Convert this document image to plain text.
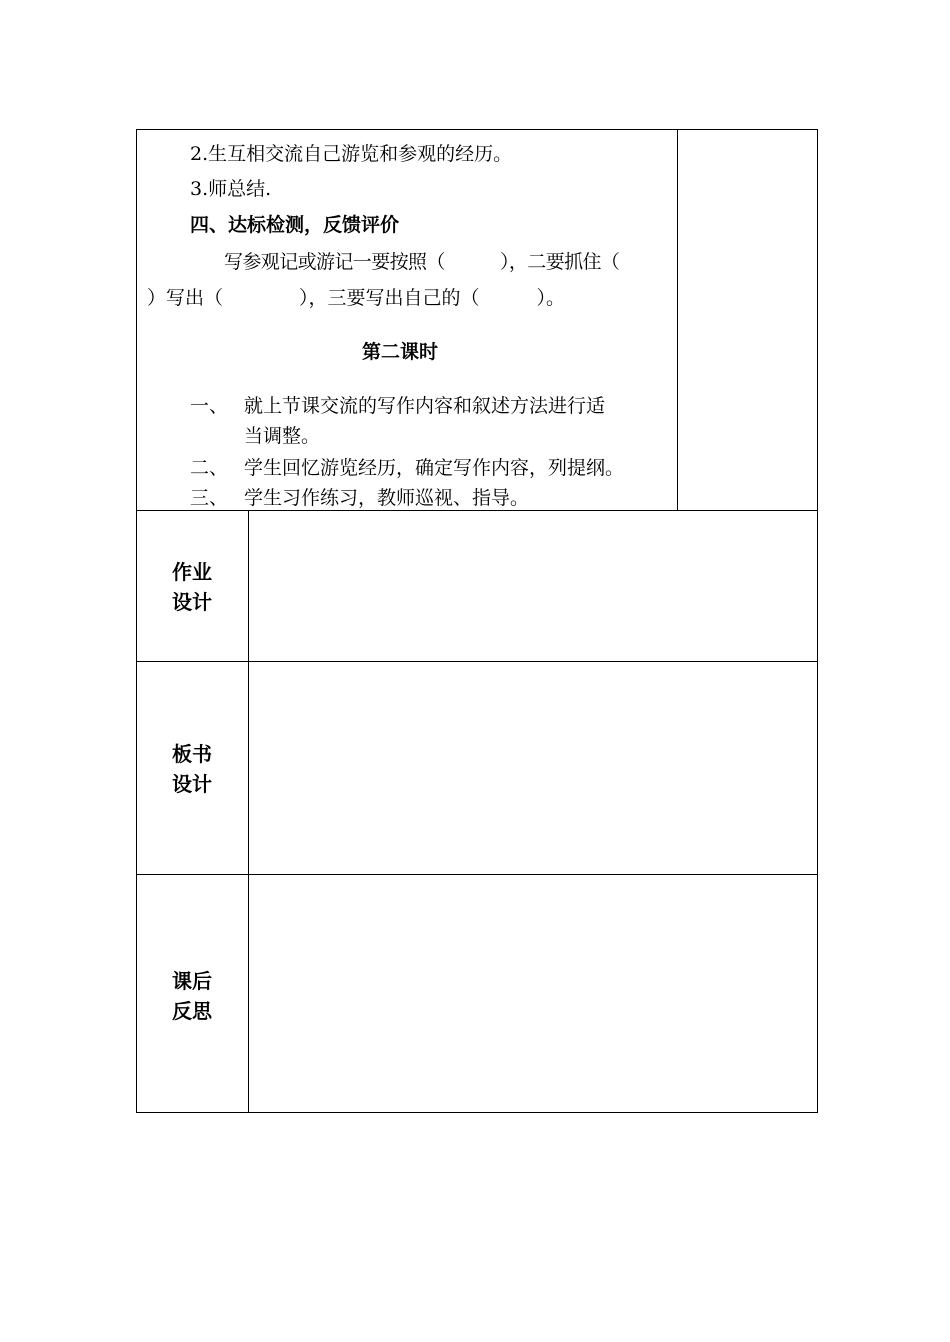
2.生互相交流自己游览和参观的经历。
3.师总结.
四、达标检测，反馈评价
写参观记或游记一要按照（　　　），二要抓住（
）写出（　　　　），三要写出自己的（　　　）。
第二课时
一、 就上节课交流的写作内容和叙述方法进行适
当调整。
二、 学生回忆游览经历，确定写作内容，列提纲。
三、 学生习作练习，教师巡视、指导。
作业
设计
板书
设计
课后
反思
